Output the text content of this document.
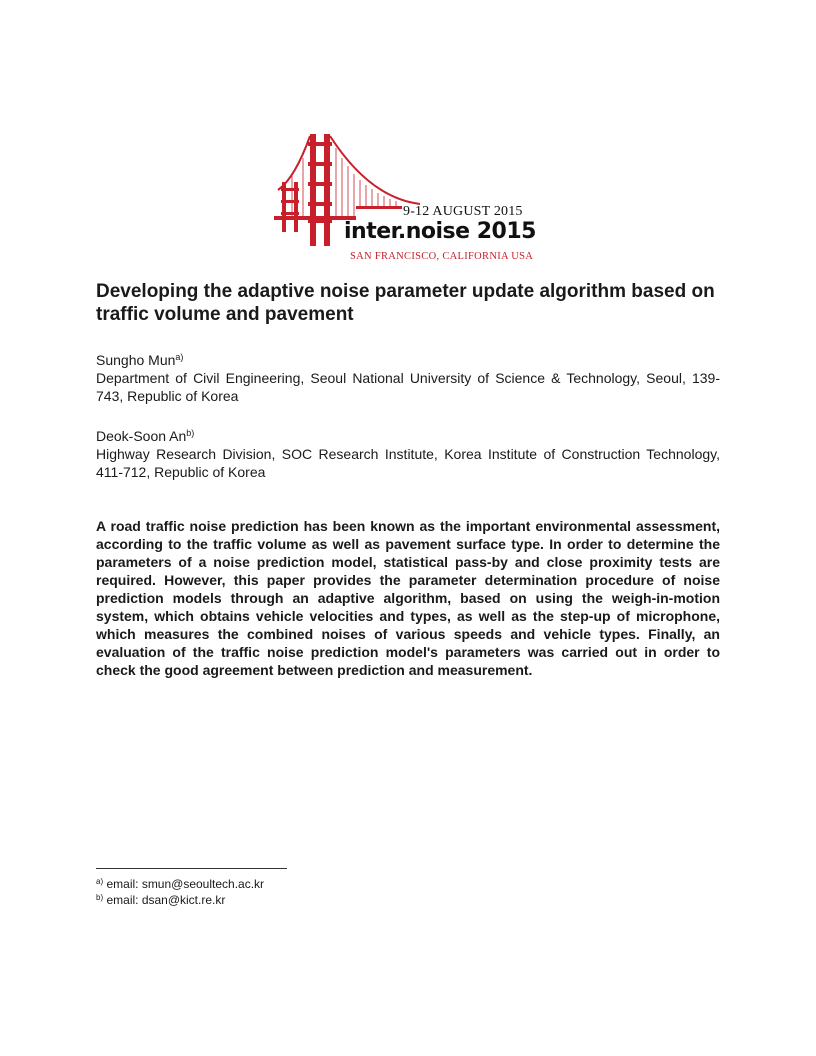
9-12 AUGUST 2015
inter.noise 2015
SAN FRANCISCO, CALIFORNIA USA
Developing the adaptive noise parameter update algorithm based on traffic volume and pavement
Sungho Mun$^{a)}$
Department of Civil Engineering, Seoul National University of Science & Technology, Seoul, 139-743, Republic of Korea
Deok-Soon An$^{b)}$
Highway Research Division, SOC Research Institute, Korea Institute of Construction Technology, 411-712, Republic of Korea

A road traffic noise prediction has been known as the important environmental assessment, according to the traffic volume as well as pavement surface type. In order to determine the parameters of a noise prediction model, statistical pass-by and close proximity tests are required. However, this paper provides the parameter determination procedure of noise prediction models through an adaptive algorithm, based on using the weigh-in-motion system, which obtains vehicle velocities and types, as well as the step-up of microphone, which measures the combined noises of various speeds and vehicle types. Finally, an evaluation of the traffic noise prediction model's parameters was carried out in order to check the good agreement between prediction and measurement.

$^{a)}$ email: smun@seoultech.ac.kr
$^{b)}$ email: dsan@kict.re.kr
